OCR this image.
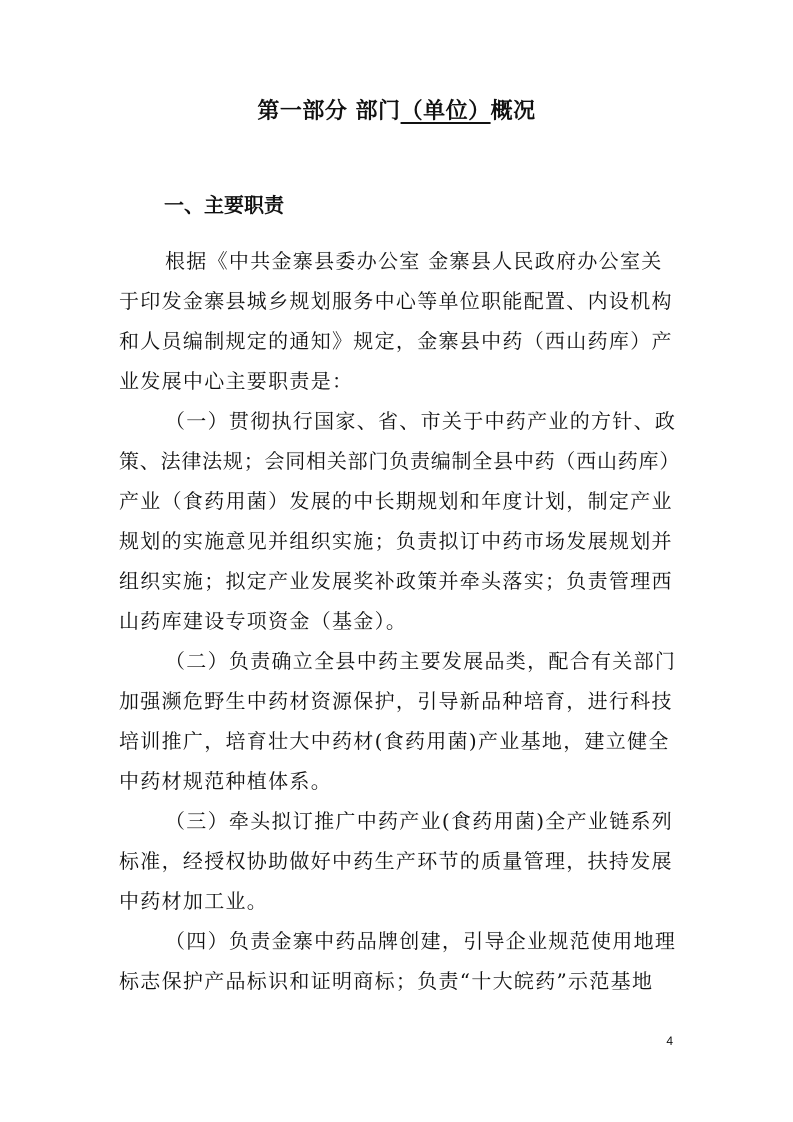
第一部分 部门（单位）概况
一、主要职责
根据《中共金寨县委办公室 金寨县人民政府办公室关
于印发金寨县城乡规划服务中心等单位职能配置、内设机构
和人员编制规定的通知》规定，金寨县中药（西山药库）产
业发展中心主要职责是：
（一）贯彻执行国家、省、市关于中药产业的方针、政
策、法律法规；会同相关部门负责编制全县中药（西山药库）
产业（食药用菌）发展的中长期规划和年度计划，制定产业
规划的实施意见并组织实施；负责拟订中药市场发展规划并
组织实施；拟定产业发展奖补政策并牵头落实；负责管理西
山药库建设专项资金（基金）。
（二）负责确立全县中药主要发展品类，配合有关部门
加强濒危野生中药材资源保护，引导新品种培育，进行科技
培训推广，培育壮大中药材(食药用菌)产业基地，建立健全
中药材规范种植体系。
（三）牵头拟订推广中药产业(食药用菌)全产业链系列
标准，经授权协助做好中药生产环节的质量管理，扶持发展
中药材加工业。
（四）负责金寨中药品牌创建，引导企业规范使用地理
标志保护产品标识和证明商标；负责“十大皖药”示范基地
4
